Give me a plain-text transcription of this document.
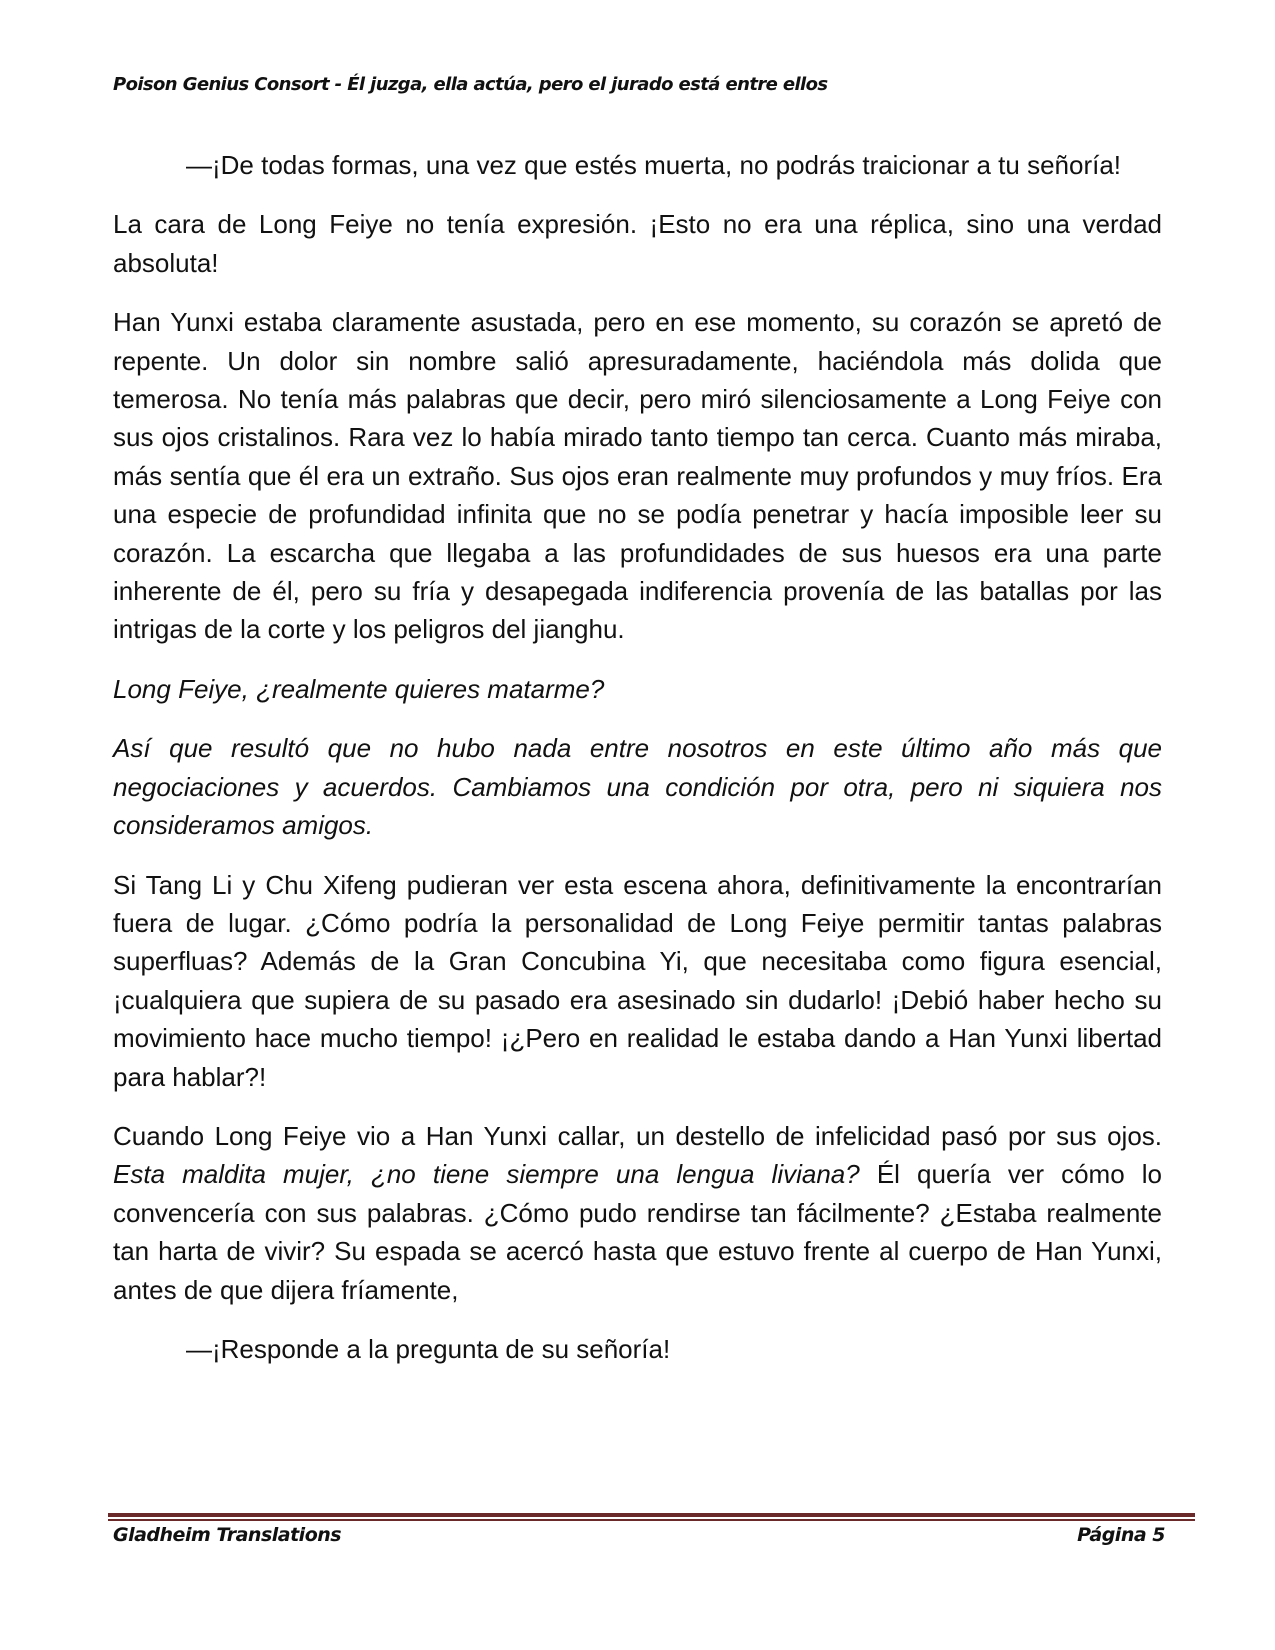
Poison Genius Consort - Él juzga, ella actúa, pero el jurado está entre ellos

—¡De todas formas, una vez que estés muerta, no podrás traicionar a tu señoría!

La cara de Long Feiye no tenía expresión. ¡Esto no era una réplica, sino una verdad absoluta!

Han Yunxi estaba claramente asustada, pero en ese momento, su corazón se apretó de repente. Un dolor sin nombre salió apresuradamente, haciéndola más dolida que temerosa. No tenía más palabras que decir, pero miró silenciosamente a Long Feiye con sus ojos cristalinos. Rara vez lo había mirado tanto tiempo tan cerca. Cuanto más miraba, más sentía que él era un extraño. Sus ojos eran realmente muy profundos y muy fríos. Era una especie de profundidad infinita que no se podía penetrar y hacía imposible leer su corazón. La escarcha que llegaba a las profundidades de sus huesos era una parte inherente de él, pero su fría y desapegada indiferencia provenía de las batallas por las intrigas de la corte y los peligros del jianghu.

Long Feiye, ¿realmente quieres matarme?

Así que resultó que no hubo nada entre nosotros en este último año más que negociaciones y acuerdos. Cambiamos una condición por otra, pero ni siquiera nos consideramos amigos.

Si Tang Li y Chu Xifeng pudieran ver esta escena ahora, definitivamente la encontrarían fuera de lugar. ¿Cómo podría la personalidad de Long Feiye permitir tantas palabras superfluas? Además de la Gran Concubina Yi, que necesitaba como figura esencial, ¡cualquiera que supiera de su pasado era asesinado sin dudarlo! ¡Debió haber hecho su movimiento hace mucho tiempo! ¡¿Pero en realidad le estaba dando a Han Yunxi libertad para hablar?!

Cuando Long Feiye vio a Han Yunxi callar, un destello de infelicidad pasó por sus ojos. Esta maldita mujer, ¿no tiene siempre una lengua liviana? Él quería ver cómo lo convencería con sus palabras. ¿Cómo pudo rendirse tan fácilmente? ¿Estaba realmente tan harta de vivir? Su espada se acercó hasta que estuvo frente al cuerpo de Han Yunxi, antes de que dijera fríamente,

—¡Responde a la pregunta de su señoría!

Gladheim Translations	Página 5
